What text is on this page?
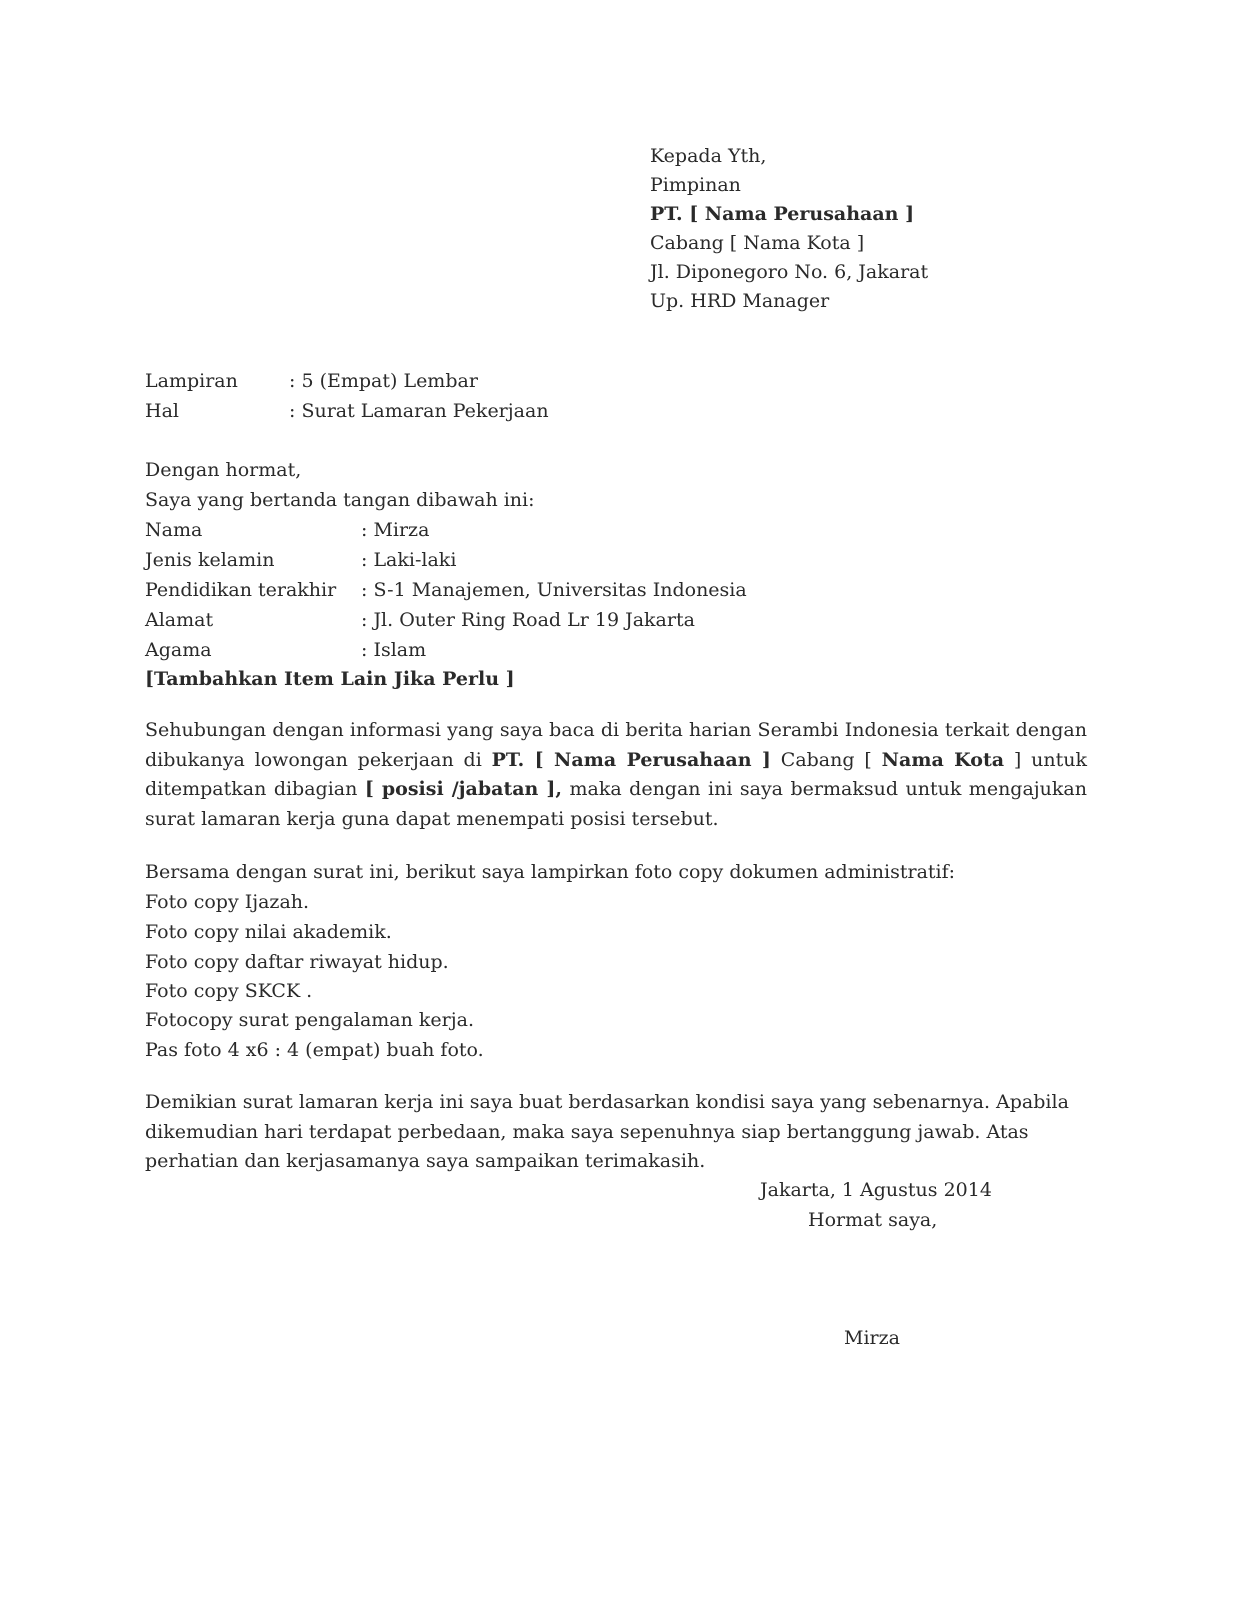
Kepada Yth,
Pimpinan
PT. [ Nama Perusahaan ]
Cabang [ Nama Kota ]
Jl. Diponegoro No. 6, Jakarat
Up. HRD Manager
Lampiran	: 5 (Empat) Lembar
Hal	: Surat Lamaran Pekerjaan
Dengan hormat,
Saya yang bertanda tangan dibawah ini:
Nama	: Mirza
Jenis kelamin	: Laki-laki
Pendidikan terakhir : S-1 Manajemen, Universitas Indonesia
Alamat	: Jl. Outer Ring Road Lr 19 Jakarta
Agama	: Islam
[Tambahkan Item Lain Jika Perlu ]
Sehubungan dengan informasi yang saya baca di berita harian Serambi Indonesia terkait dengan dibukanya lowongan pekerjaan di PT. [ Nama Perusahaan ] Cabang [ Nama Kota ] untuk ditempatkan dibagian [ posisi /jabatan ], maka dengan ini saya bermaksud untuk mengajukan surat lamaran kerja guna dapat menempati posisi tersebut.
Bersama dengan surat ini, berikut saya lampirkan foto copy dokumen administratif:
Foto copy Ijazah.
Foto copy nilai akademik.
Foto copy daftar riwayat hidup.
Foto copy SKCK .
Fotocopy surat pengalaman kerja.
Pas foto 4 x6 : 4 (empat) buah foto.
Demikian surat lamaran kerja ini saya buat berdasarkan kondisi saya yang sebenarnya. Apabila dikemudian hari terdapat perbedaan, maka saya sepenuhnya siap bertanggung jawab. Atas perhatian dan kerjasamanya saya sampaikan terimakasih.
Jakarta, 1 Agustus 2014
Hormat saya,
Mirza
